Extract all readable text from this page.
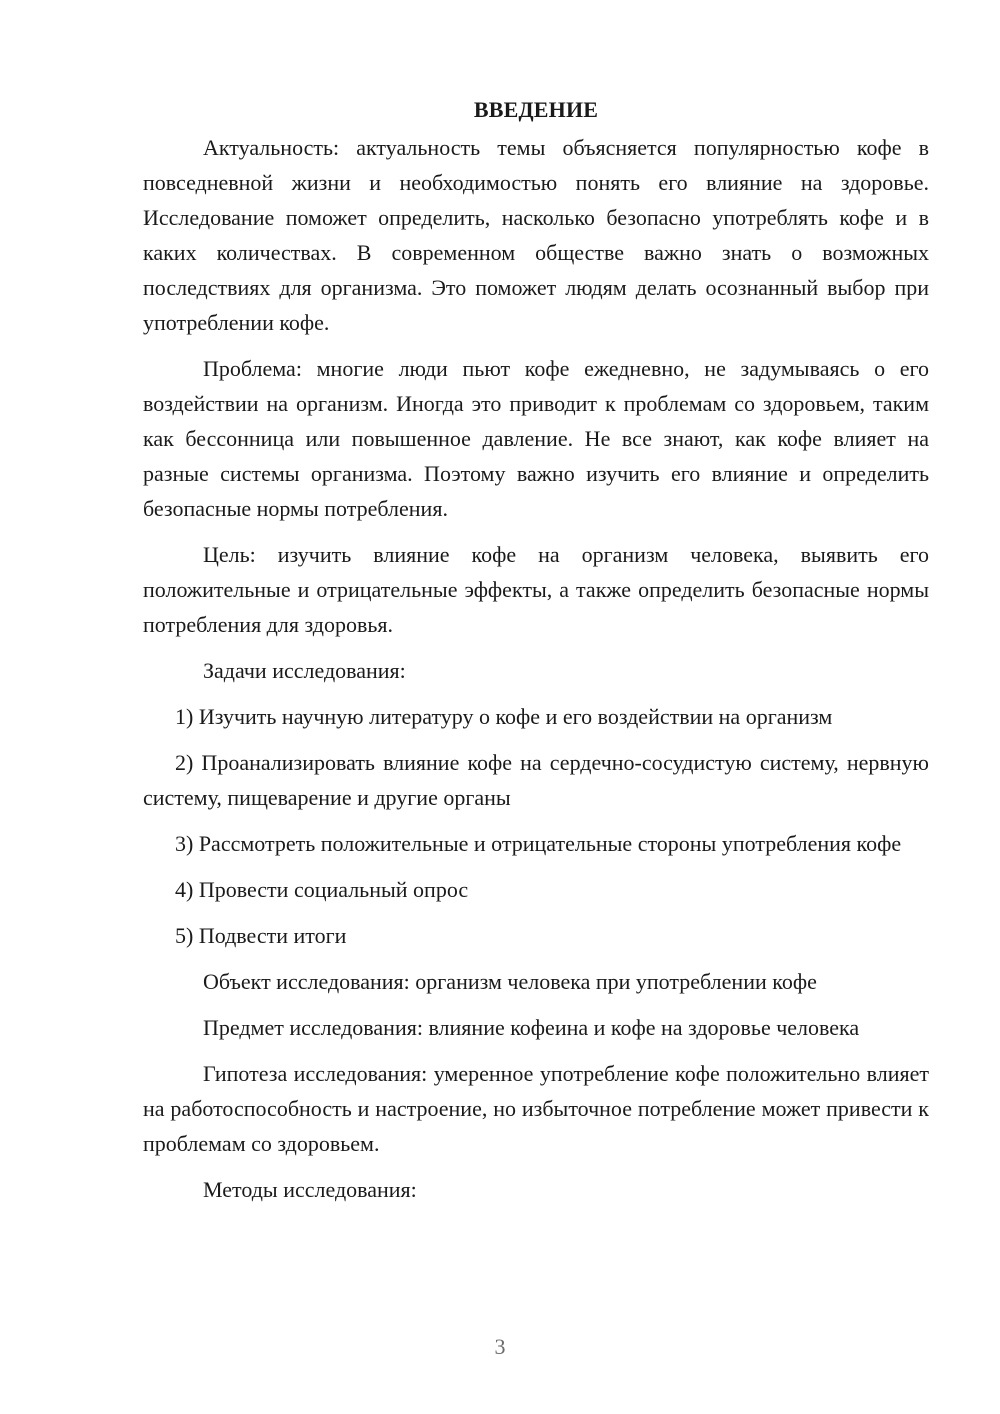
ВВЕДЕНИЕ

Актуальность: актуальность темы объясняется популярностью кофе в повседневной жизни и необходимостью понять его влияние на здоровье. Исследование поможет определить, насколько безопасно употреблять кофе и в каких количествах. В современном обществе важно знать о возможных последствиях для организма. Это поможет людям делать осознанный выбор при употреблении кофе.

Проблема: многие люди пьют кофе ежедневно, не задумываясь о его воздействии на организм. Иногда это приводит к проблемам со здоровьем, таким как бессонница или повышенное давление. Не все знают, как кофе влияет на разные системы организма. Поэтому важно изучить его влияние и определить безопасные нормы потребления.

Цель: изучить влияние кофе на организм человека, выявить его положительные и отрицательные эффекты, а также определить безопасные нормы потребления для здоровья.

Задачи исследования:

1) Изучить научную литературу о кофе и его воздействии на организм

2) Проанализировать влияние кофе на сердечно-сосудистую систему, нервную систему, пищеварение и другие органы

3) Рассмотреть положительные и отрицательные стороны употребления кофе

4) Провести социальный опрос

5) Подвести итоги

Объект исследования: организм человека при употреблении кофе

Предмет исследования: влияние кофеина и кофе на здоровье человека

Гипотеза исследования: умеренное употребление кофе положительно влияет на работоспособность и настроение, но избыточное потребление может привести к проблемам со здоровьем.

Методы исследования:

3
